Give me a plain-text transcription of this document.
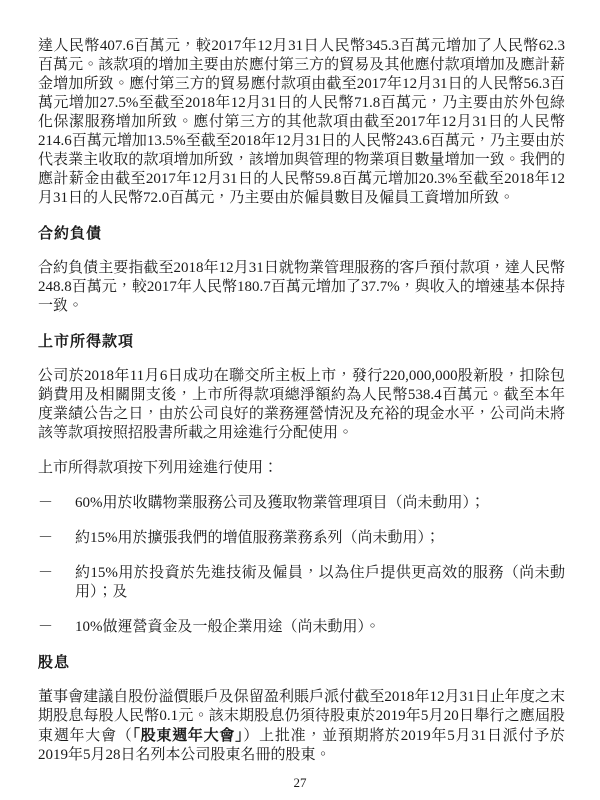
達人民幣407.6百萬元，較2017年12月31日人民幣345.3百萬元增加了人民幣62.3百萬元。該款項的增加主要由於應付第三方的貿易及其他應付款項增加及應計薪金增加所致。應付第三方的貿易應付款項由截至2017年12月31日的人民幣56.3百萬元增加27.5%至截至2018年12月31日的人民幣71.8百萬元，乃主要由於外包綠化保潔服務增加所致。應付第三方的其他款項由截至2017年12月31日的人民幣214.6百萬元增加13.5%至截至2018年12月31日的人民幣243.6百萬元，乃主要由於代表業主收取的款項增加所致，該增加與管理的物業項目數量增加一致。我們的應計薪金由截至2017年12月31日的人民幣59.8百萬元增加20.3%至截至2018年12月31日的人民幣72.0百萬元，乃主要由於僱員數目及僱員工資增加所致。

合約負債

合約負債主要指截至2018年12月31日就物業管理服務的客戶預付款項，達人民幣248.8百萬元，較2017年人民幣180.7百萬元增加了37.7%，與收入的增速基本保持一致。

上市所得款項

公司於2018年11月6日成功在聯交所主板上市，發行220,000,000股新股，扣除包銷費用及相關開支後，上市所得款項總淨額約為人民幣538.4百萬元。截至本年度業績公告之日，由於公司良好的業務運營情況及充裕的現金水平，公司尚未將該等款項按照招股書所載之用途進行分配使用。

上市所得款項按下列用途進行使用：

－	60%用於收購物業服務公司及獲取物業管理項目（尚未動用）；
－	約15%用於擴張我們的增值服務業務系列（尚未動用）；
－	約15%用於投資於先進技術及僱員，以為住戶提供更高效的服務（尚未動用）；及
－	10%做運營資金及一般企業用途（尚未動用）。
股息

董事會建議自股份溢價賬戶及保留盈利賬戶派付截至2018年12月31日止年度之末期股息每股人民幣0.1元。該末期股息仍須待股東於2019年5月20日舉行之應屆股東週年大會（「股東週年大會」）上批准，並預期將於2019年5月31日派付予於2019年5月28日名列本公司股東名冊的股東。

27
